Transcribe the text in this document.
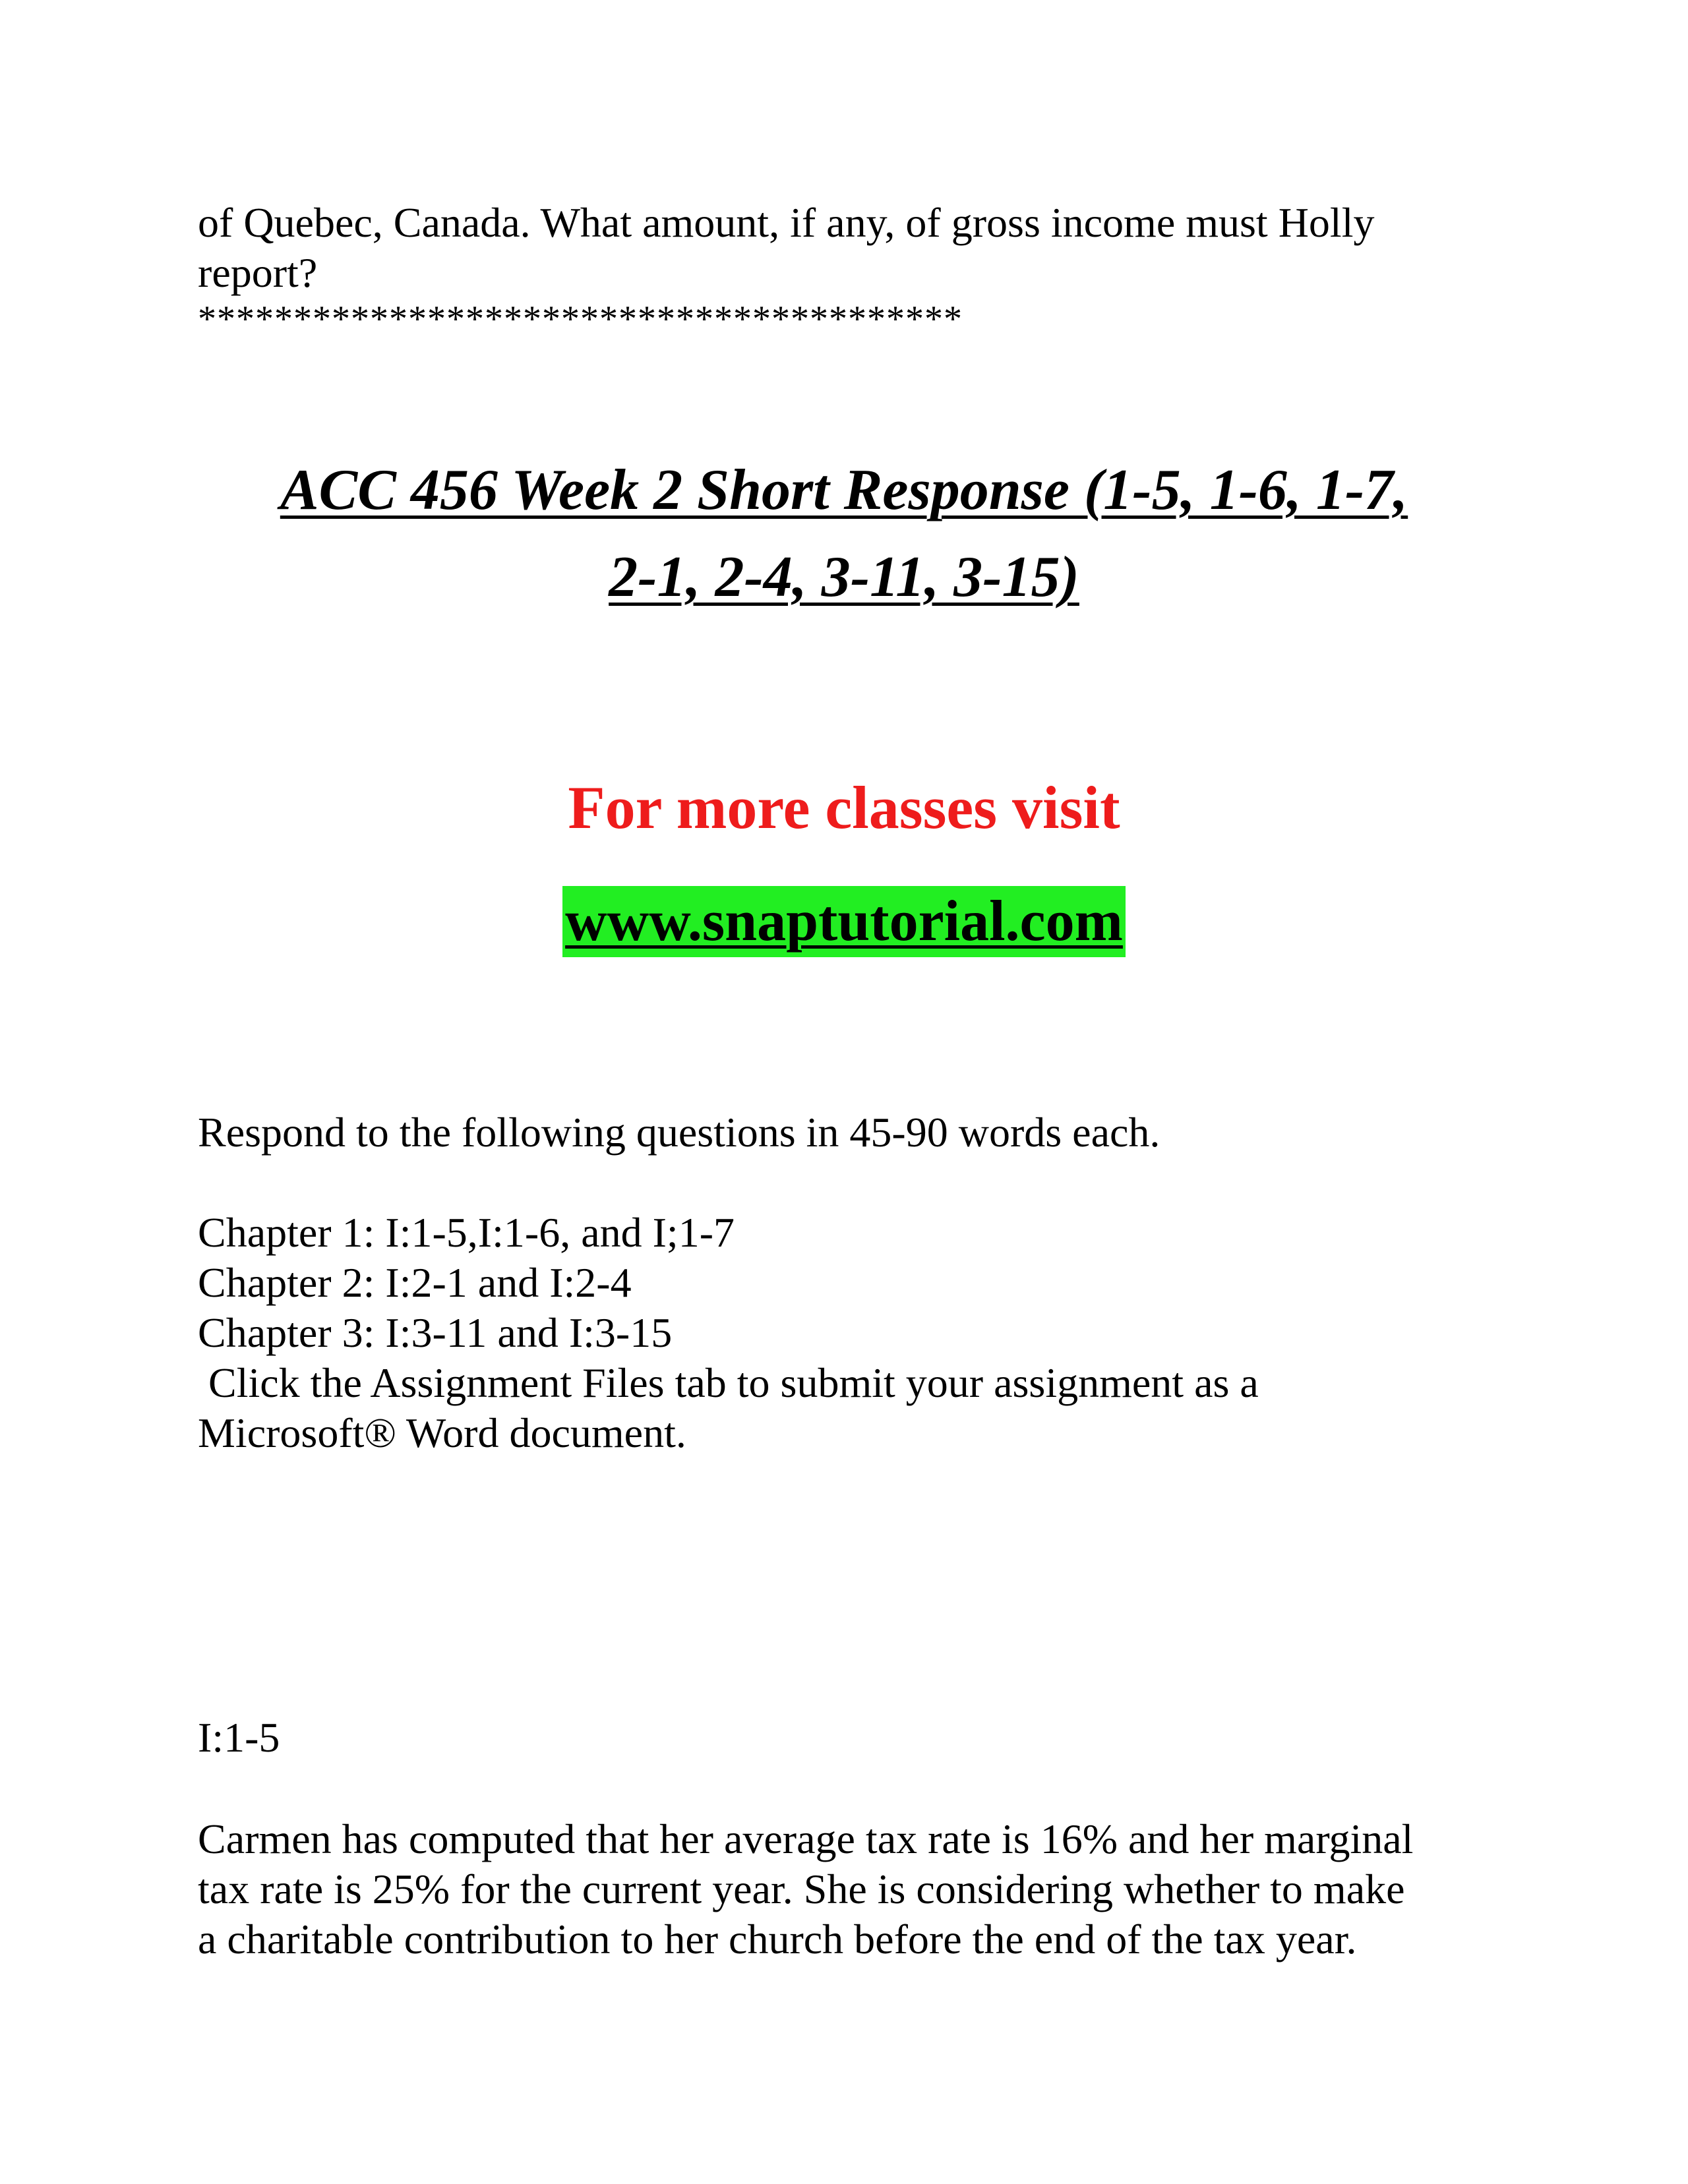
of Quebec, Canada. What amount, if any, of gross income must Holly
report?
****************************************
ACC 456 Week 2 Short Response (1-5, 1-6, 1-7,
2-1, 2-4, 3-11, 3-15)

For more classes visit

www.snaptutorial.com

Respond to the following questions in 45-90 words each.
Chapter 1: I:1-5,I:1-6, and I;1-7
Chapter 2: I:2-1 and I:2-4
Chapter 3: I:3-11 and I:3-15
Click the Assignment Files tab to submit your assignment as a
Microsoft® Word document.
I:1-5
Carmen has computed that her average tax rate is 16% and her marginal
tax rate is 25% for the current year. She is considering whether to make
a charitable contribution to her church before the end of the tax year.
